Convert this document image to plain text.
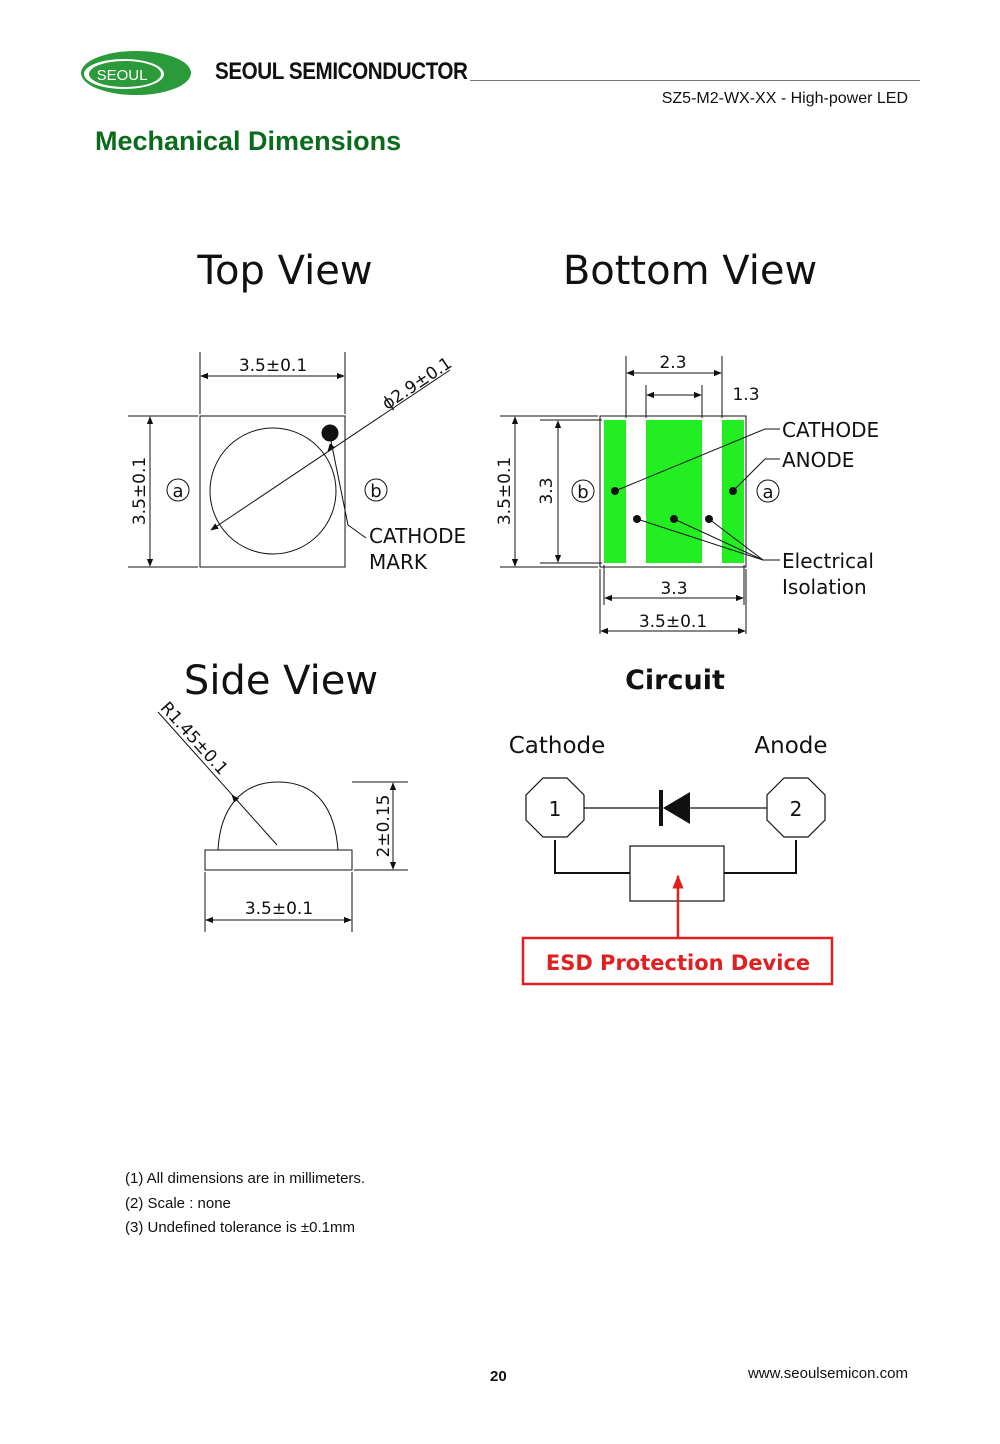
SEOUL	SEOUL SEMICONDUCTOR
SZ5-M2-WX-XX - High-power LED
Mechanical Dimensions
Top View
3.5±0.1
3.5±0.1 a	b
ϕ2.9±0.1
CATHODE
MARK
Bottom View
2.3
1.3
3.5±0.1 3.3
3.3
3.5±0.1
b	a
CATHODE
ANODE
Electrical
Isolation
Side View
R1.45±0.1
2±0.15
3.5±0.1
Circuit
Cathode	Anode
1	2
ESD Protection Device
(1) All dimensions are in millimeters.
(2) Scale : none
(3) Undefined tolerance is ±0.1mm
20	www.seoulsemicon.com
